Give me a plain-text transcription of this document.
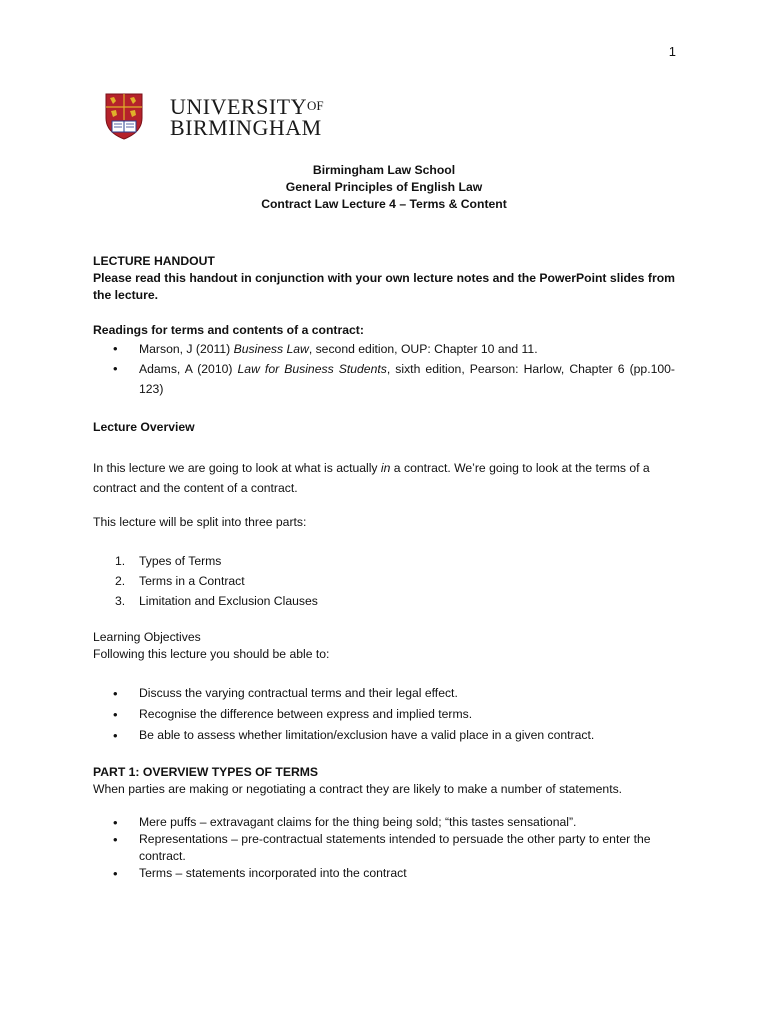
1
UNIVERSITYOF
BIRMINGHAM
Birmingham Law School
General Principles of English Law
Contract Law Lecture 4 – Terms & Content
LECTURE HANDOUT

Please read this handout in conjunction with your own lecture notes and the PowerPoint slides from the lecture.

Readings for terms and contents of a contract:
• Marson, J (2011) Business Law, second edition, OUP: Chapter 10 and 11.
• Adams, A (2010) Law for Business Students, sixth edition, Pearson: Harlow, Chapter 6 (pp.100-123)
Lecture Overview

In this lecture we are going to look at what is actually in a contract. We’re going to look at the terms of a contract and the content of a contract.

This lecture will be split into three parts:
1. Types of Terms
2. Terms in a Contract
3. Limitation and Exclusion Clauses
Learning Objectives
Following this lecture you should be able to:
• Discuss the varying contractual terms and their legal effect.
• Recognise the difference between express and implied terms.
• Be able to assess whether limitation/exclusion have a valid place in a given contract.
PART 1: OVERVIEW TYPES OF TERMS
When parties are making or negotiating a contract they are likely to make a number of statements.
• Mere puffs – extravagant claims for the thing being sold; “this tastes sensational”.
• Representations – pre-contractual statements intended to persuade the other party to enter the contract.
• Terms – statements incorporated into the contract
